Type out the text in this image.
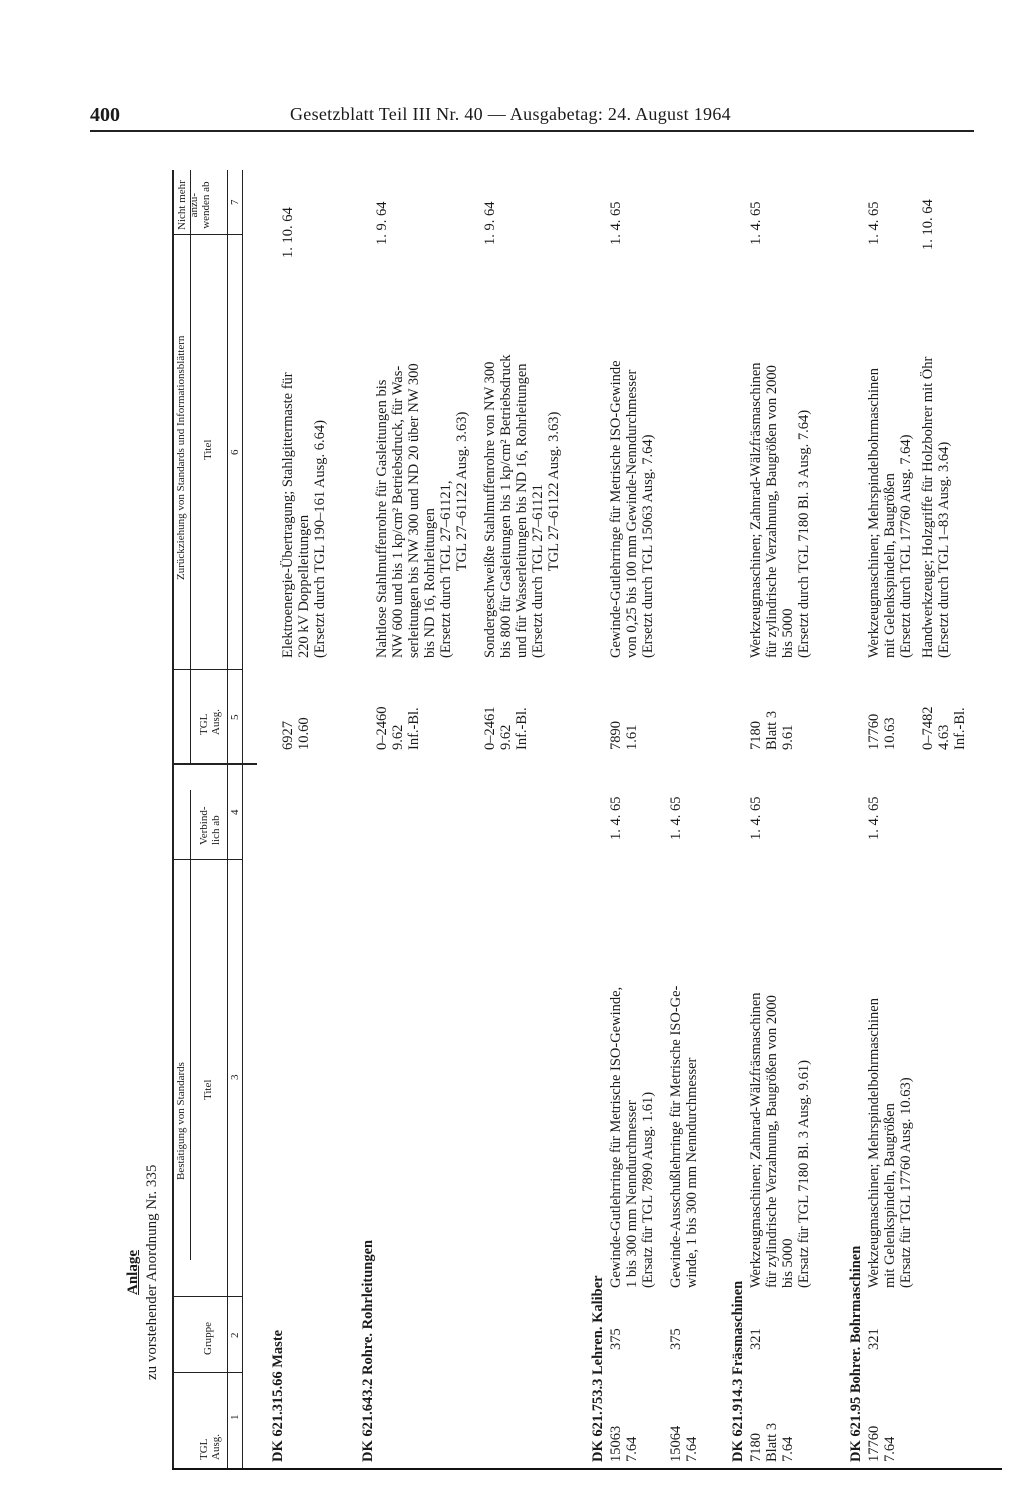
400	Gesetzblatt Teil III Nr. 40 — Ausgabetag: 24. August 1964
Anlage zu vorstehender Anordnung Nr. 335
Bestätigung von Standards
Zurückziehung von Standards und Informationsblättern
TGL
Ausg.
Gruppe
Titel
Verbind-
lich ab
TGL
Ausg.
Titel
Nicht mehr
anzu-
wenden ab
1
2
3
4
5
6
7
DK 621.315.66 Maste
6927
10.60
Elektroenergie-Übertragung; Stahlgittermaste für
220 kV Doppelleitungen
(Ersetzt durch TGL 190–161 Ausg. 6.64)
1. 10. 64
DK 621.643.2 Rohre. Rohrleitungen
0–2460
9.62
Inf.-Bl.
Nahtlose Stahlmuffenrohre für Gasleitungen bis
NW 600 und bis 1 kp/cm² Betriebsdruck, für Was-
serleitungen bis NW 300 und ND 20 über NW 300
bis ND 16, Rohrleitungen
(Ersetzt durch TGL 27–61121,
TGL 27–61122 Ausg. 3.63)
1. 9. 64
0–2461
9.62
Inf.-Bl.
Sondergeschweißte Stahlmuffenrohre von NW 300
bis 800 für Gasleitungen bis 1 kp/cm² Betriebsdruck
und für Wasserleitungen bis ND 16, Rohrleitungen
(Ersetzt durch TGL 27–61121
TGL 27–61122 Ausg. 3.63)
1. 9. 64
DK 621.753.3 Lehren. Kaliber 15063
7.64
375
Gewinde-Gutlehrringe für Metrische ISO-Gewinde,
1 bis 300 mm Nenndurchmesser
(Ersatz für TGL 7890 Ausg. 1.61)
1. 4. 65
7890
1.61
Gewinde-Gutlehrringe für Metrische ISO-Gewinde
von 0,25 bis 100 mm Gewinde-Nenndurchmesser
(Ersetzt durch TGL 15063 Ausg. 7.64)
1. 4. 65
15064
7.64
375
Gewinde-Ausschußlehrringe für Metrische ISO-Ge-
winde, 1 bis 300 mm Nenndurchmesser
1. 4. 65
DK 621.914.3 Fräsmaschinen 7180
Blatt 3
7.64
321
Werkzeugmaschinen; Zahnrad-Wälzfräsmaschinen
für zylindrische Verzahnung, Baugrößen von 2000
bis 5000
(Ersatz für TGL 7180 Bl. 3 Ausg. 9.61)
1. 4. 65
7180
Blatt 3
9.61
Werkzeugmaschinen; Zahnrad-Wälzfräsmaschinen
für zylindrische Verzahnung, Baugrößen von 2000
bis 5000
(Ersetzt durch TGL 7180 Bl. 3 Ausg. 7.64)
1. 4. 65
DK 621.95 Bohrer. Bohrmaschinen 17760
7.64
321
Werkzeugmaschinen; Mehrspindelbohrmaschinen
mit Gelenkspindeln, Baugrößen
(Ersatz für TGL 17760 Ausg. 10.63)
1. 4. 65
17760
10.63
Werkzeugmaschinen; Mehrspindelbohrmaschinen
mit Gelenkspindeln, Baugrößen
(Ersetzt durch TGL 17760 Ausg. 7.64)
1. 4. 65
0–7482
4.63
Inf.-Bl.
Handwerkzeuge; Holzgriffe für Holzbohrer mit Öhr
(Ersetzt durch TGL 1–83 Ausg. 3.64)
1. 10. 64
